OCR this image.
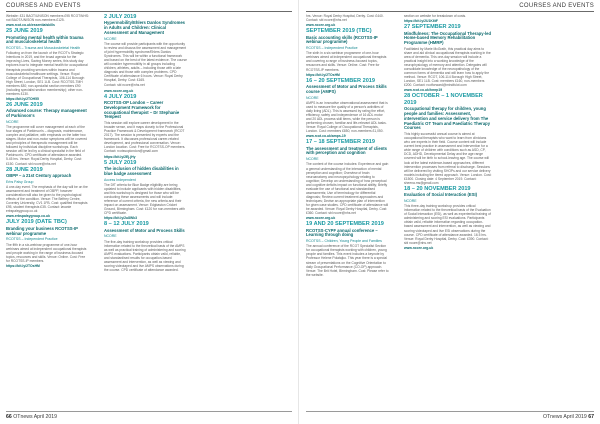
COURSES AND EVENTS	COURSES AND EVENTS

Website: £31 BAOT/UNISON members £95 RCOT/NHS: not BAOT/UNISON non-members £125.

www.rcot.co.uk/essentialskills

25 JUNE 2019

Promoting mental health within trauma and musculoskeletal health

RCOTSS – Trauma and Musculoskeletal Health

Following on from the launch of the RCOT's Strategic Intentions in 2019, and the broad agenda for the Improving Lives, Saving Money series, this study day explores how to integrate mental health for occupational therapists providing services within trauma and musculoskeletal healthcare settings. Venue: Royal College of Occupational Therapists, 106-114 Borough High Street, London, SE1 1LB. Cost: RCOTSS-TMH members £80; non-specialist section members £90 (including specialist section membership); other non-members £130.

https://bit.ly/2TOH55

26 JUNE 2019

Advanced course: Therapy management of Parkinson's

NCORE

The programme will cover management at each of the four stages of Parkinson's – diagnosis, maintenance, complex and palliative, with emphasis on the latter two stages. Motor and non-motor symptoms will be covered and principles of therapeutic management will be followed by individual discipline workshops. Each session will be led by a clinical specialist in the field of Parkinson's. CPD certificate of attendance awarded. 5.45 hrs. Venue: Royal Derby Hospital, Derby. Cost: £150. Contact: sbl ncore@nhs.net

28 JUNE 2019

OBPP – a 21st Century approach

Erbs Palsy Group

A one-day event. The emphasis of the day will be on the assessment and treatment of OBPP, however consideration will also be given to the psychological effects of the condition. Venue: The Belfrey Centre, Coventry University, CV1 1FB. Cost: qualified therapists £95, student therapists £35. Contact: lavanie erbspalsygroup.co.uk

www.erbspalsygroup.co.uk

JULY 2019 (DATE TBC)

Branding your business RCOTSS-IP webinar programme

RCOTSS – Independent Practice

The fifth in a six-webinar programme of one-hour webinars aimed at independent occupational therapists and people working in the range of business-focused topics, resources and skills. Venue: Online. Cost: Free for RCOTSS-IP members.

https://bit.ly/2TOsHM

2 JULY 2019

Hypermobility/Ehlers Danlos Syndromes in Adults and Children: Clinical Assessment and Management

NCORE

The course will provide participants with the opportunity to review and discuss the assessment and management of joint hypermobility syndrome/Ehlers Danlos Syndromes. This will be within a functional framework and based on the best of the latest evidence. The course will consider hypermobility in all groups including children, athletes, adults – including those with a late diagnosis and those with complex problems. CPD Certificate of attendance 6 hours. Venue: Royal Derby Hospital, Derby. Cost: £165.

Contact: sbl ncore@nhs.net

www.ncore.org.uk

4 JULY 2019

RCOTSS-OP London – Career Development Framework for occupational therapist – Dr Stephanie Tempest

This session will explore career development in the broader sense, and it maps closely to the Professional Practice Framework & Development framework (RCOT 2017). The session is presented by experts and the framework. It discusses professional career-related development, and professional conversation. Venue: London location. Cost: Free for RCOTSS-OP members. Contact: rcotssoplondon@gmail.com

https://bit.ly/2Ej.jHy

5 JULY 2019

The inclusion of hidden disabilities in blue badge assessment

Access Independent

The DfT criteria for Blue Badge eligibility are being updated to include applicants with hidden disabilities, and this workshop is designed for those who will be conducting these assessments and will include: reference of current criteria, the new criteria and their impact on assessment. Venue: Edgbaston Cricket Ground, Birmingham. Cost: £120 for non-members with CPD certificate.

https://bit.ly/2u8Wk3

8 – 12 JULY 2019

Assessment of Motor and Process Skills

NCORE

The five-day training workshop provides critical information related to the theoretical basis of the AMPS as well as practical training of administering and scoring AMPS evaluations. Participants obtain valid, reliable, and standardised results for occupation-based assessment and intervention, as well as viewing and scoring videotaped and live AMPS observations during the course. CPD certificate of attendance awarded.

hrs. Venue: Royal Derby Hospital, Derby. Cost: £440. Contact: sbl ncore@nhs.net

www.ncore.org.uk

SEPTEMBER 2019 (TBC)

Basic accounting skills (RCOTSS-IP webinar programme)

RCOTSS – Independent Practice

The sixth in a six-webinar programme of one-hour webinars aimed at independent occupational therapists and covering a range of business-focused topics, resources and skills. Venue: Online. Cost: Free for RCOTSS-IP members.

https://bit.ly/2TOsHM

16 – 20 SEPTEMBER 2019

Assessment of Motor and Process Skills course (AMPS)

NCORE

AMPS is an innovative observational assessment that is used to measure the quality of a person's activities of daily living (ADL). This is assessed by rating the effort, efficiency, safety and independence of 16 ADL motor and 20 ADL process skill items, while the person is performing chosen, familiar and life-relevant ADL tasks. Venue: Royal College of Occupational Therapists, London. Cost: members £850, non-members £1,050.

www.rcot.co.uk/amps-19

17 – 18 SEPTEMBER 2019

The assessment and treatment of clients with perception and cognition

NCORE

The content of the course includes: Experience and gain a general understanding of the interaction of mental perception and cognition; Overview of brain neuroanatomy and neuropsychology relating to cognition; Develop an understanding of how perceptual and cognitive deficits impact on functional ability; Briefly evaluate the use of functional and standardised assessments; Use of terminology for differential diagnosis; Review current treatment approaches and techniques; Devise an appropriate plan of intervention for given case studies. CPD certificate of attendance will be awarded. Venue: Royal Derby Hospital, Derby. Cost: £360. Contact: sbl ncore@nhs.net

www.ncore.org.uk

19 AND 20 SEPTEMBER 2019

RCOTSS-CYPF annual conference – Learning through doing

RCOTSS – Children, Young People and Families

The annual conference of the RCOT Specialist Section for occupational therapists working with children, young people and families. This event includes a keynote by Professor Helene Polatajko. This year there is a special stream of presentations on the Cognitive Orientation to daily Occupational Performance (CO-OP) approach. Venue: The Brit Hotel, Birmingham. Cost: Please refer to the website.

section on website for breakdown of costs.

https://bit.ly/2U1K6tF

27 SEPTEMBER 2019

Mindfulness: The Occupational Therapy-led Home-based Memory Rehabilitation Programme (HMRP)

Facilitated by Marie McGrath, this practical day aims to share and aid clinical occupational therapists working in the area of dementia. This one-day session will include a practical insight into a working knowledge of the neurophysiology of memory and attention. Delegates will consolidate knowledge of the neuropathology of the common forms of dementia and will learn how to apply the method. Venue: RCOT, 106-114 Borough High Street, London, SE1 1LB. Cost: members £160, non-members £200. Contact: rcotforward@mindfulot.com

www.rcot.co.uk/hmrp19

28 OCTOBER – 1 NOVEMBER 2019

Occupational therapy for children, young people and families: Assessment, intervention and service delivery from The Paediatric OT Team and Paediatric Therapy Courses

This highly successful annual course is aimed at occupational therapists who want to learn from clinicians who are experts in their field. Course content will include current best practice in assessment and intervention for a wide range of children with conditions such as ASD, CP, DCD, ADHD, Developmental Delay and the age range covered will be birth to school-leaving age. The course will look at the latest evidence-based approaches, different intervention processes from referral to discharge. Sessions will be delivered by visiting SHOPs and our service delivery models including the tiered approach. Venue: London. Cost: £1500. Closing date: 4 September 2019. Contact: sheena.ms@gmail.com

18 – 20 NOVEMBER 2019

Evaluation of Social Interaction (ESI)

NCORE

This three-day training workshop provides critical information related to the theoretical basis of the Evaluation of Social Interaction (ESI), as well as experiential training of administering and scoring ESI evaluations. Participants obtain valid, reliable information regarding occupation-based assessment and intervention, as well as viewing and scoring videotaped and live ESI observations during the course. CPD certificate of attendance awarded. 16.5 hrs. Venue: Royal Derby Hospital, Derby. Cost: £390. Contact: sbl ncore@nhs.net

www.ncore.org.uk

66 OTnews April 2019	OTnews April 2019 67
